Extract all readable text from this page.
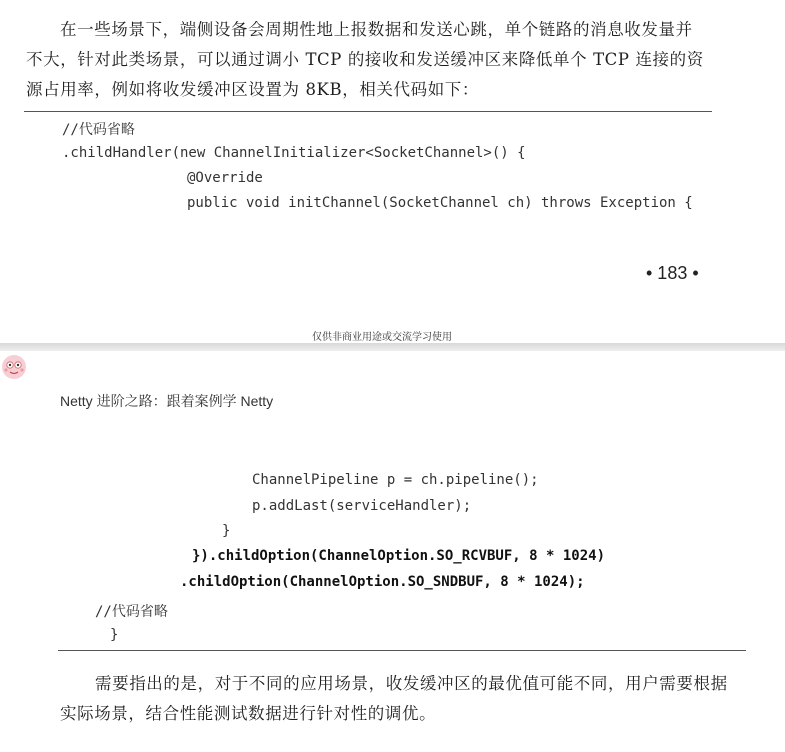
在一些场景下，端侧设备会周期性地上报数据和发送心跳，单个链路的消息收发量并
不大，针对此类场景，可以通过调小 TCP 的接收和发送缓冲区来降低单个 TCP 连接的资
源占用率，例如将收发缓冲区设置为 8KB，相关代码如下：
//代码省略
.childHandler(new ChannelInitializer<SocketChannel>() {
@Override
public void initChannel(SocketChannel ch) throws Exception {
• 183 •
仅供非商业用途或交流学习使用
Netty 进阶之路：跟着案例学 Netty
ChannelPipeline p = ch.pipeline();
p.addLast(serviceHandler);
}
}).childOption(ChannelOption.SO_RCVBUF, 8 * 1024)
.childOption(ChannelOption.SO_SNDBUF, 8 * 1024);
//代码省略
}
需要指出的是，对于不同的应用场景，收发缓冲区的最优值可能不同，用户需要根据
实际场景，结合性能测试数据进行针对性的调优。
